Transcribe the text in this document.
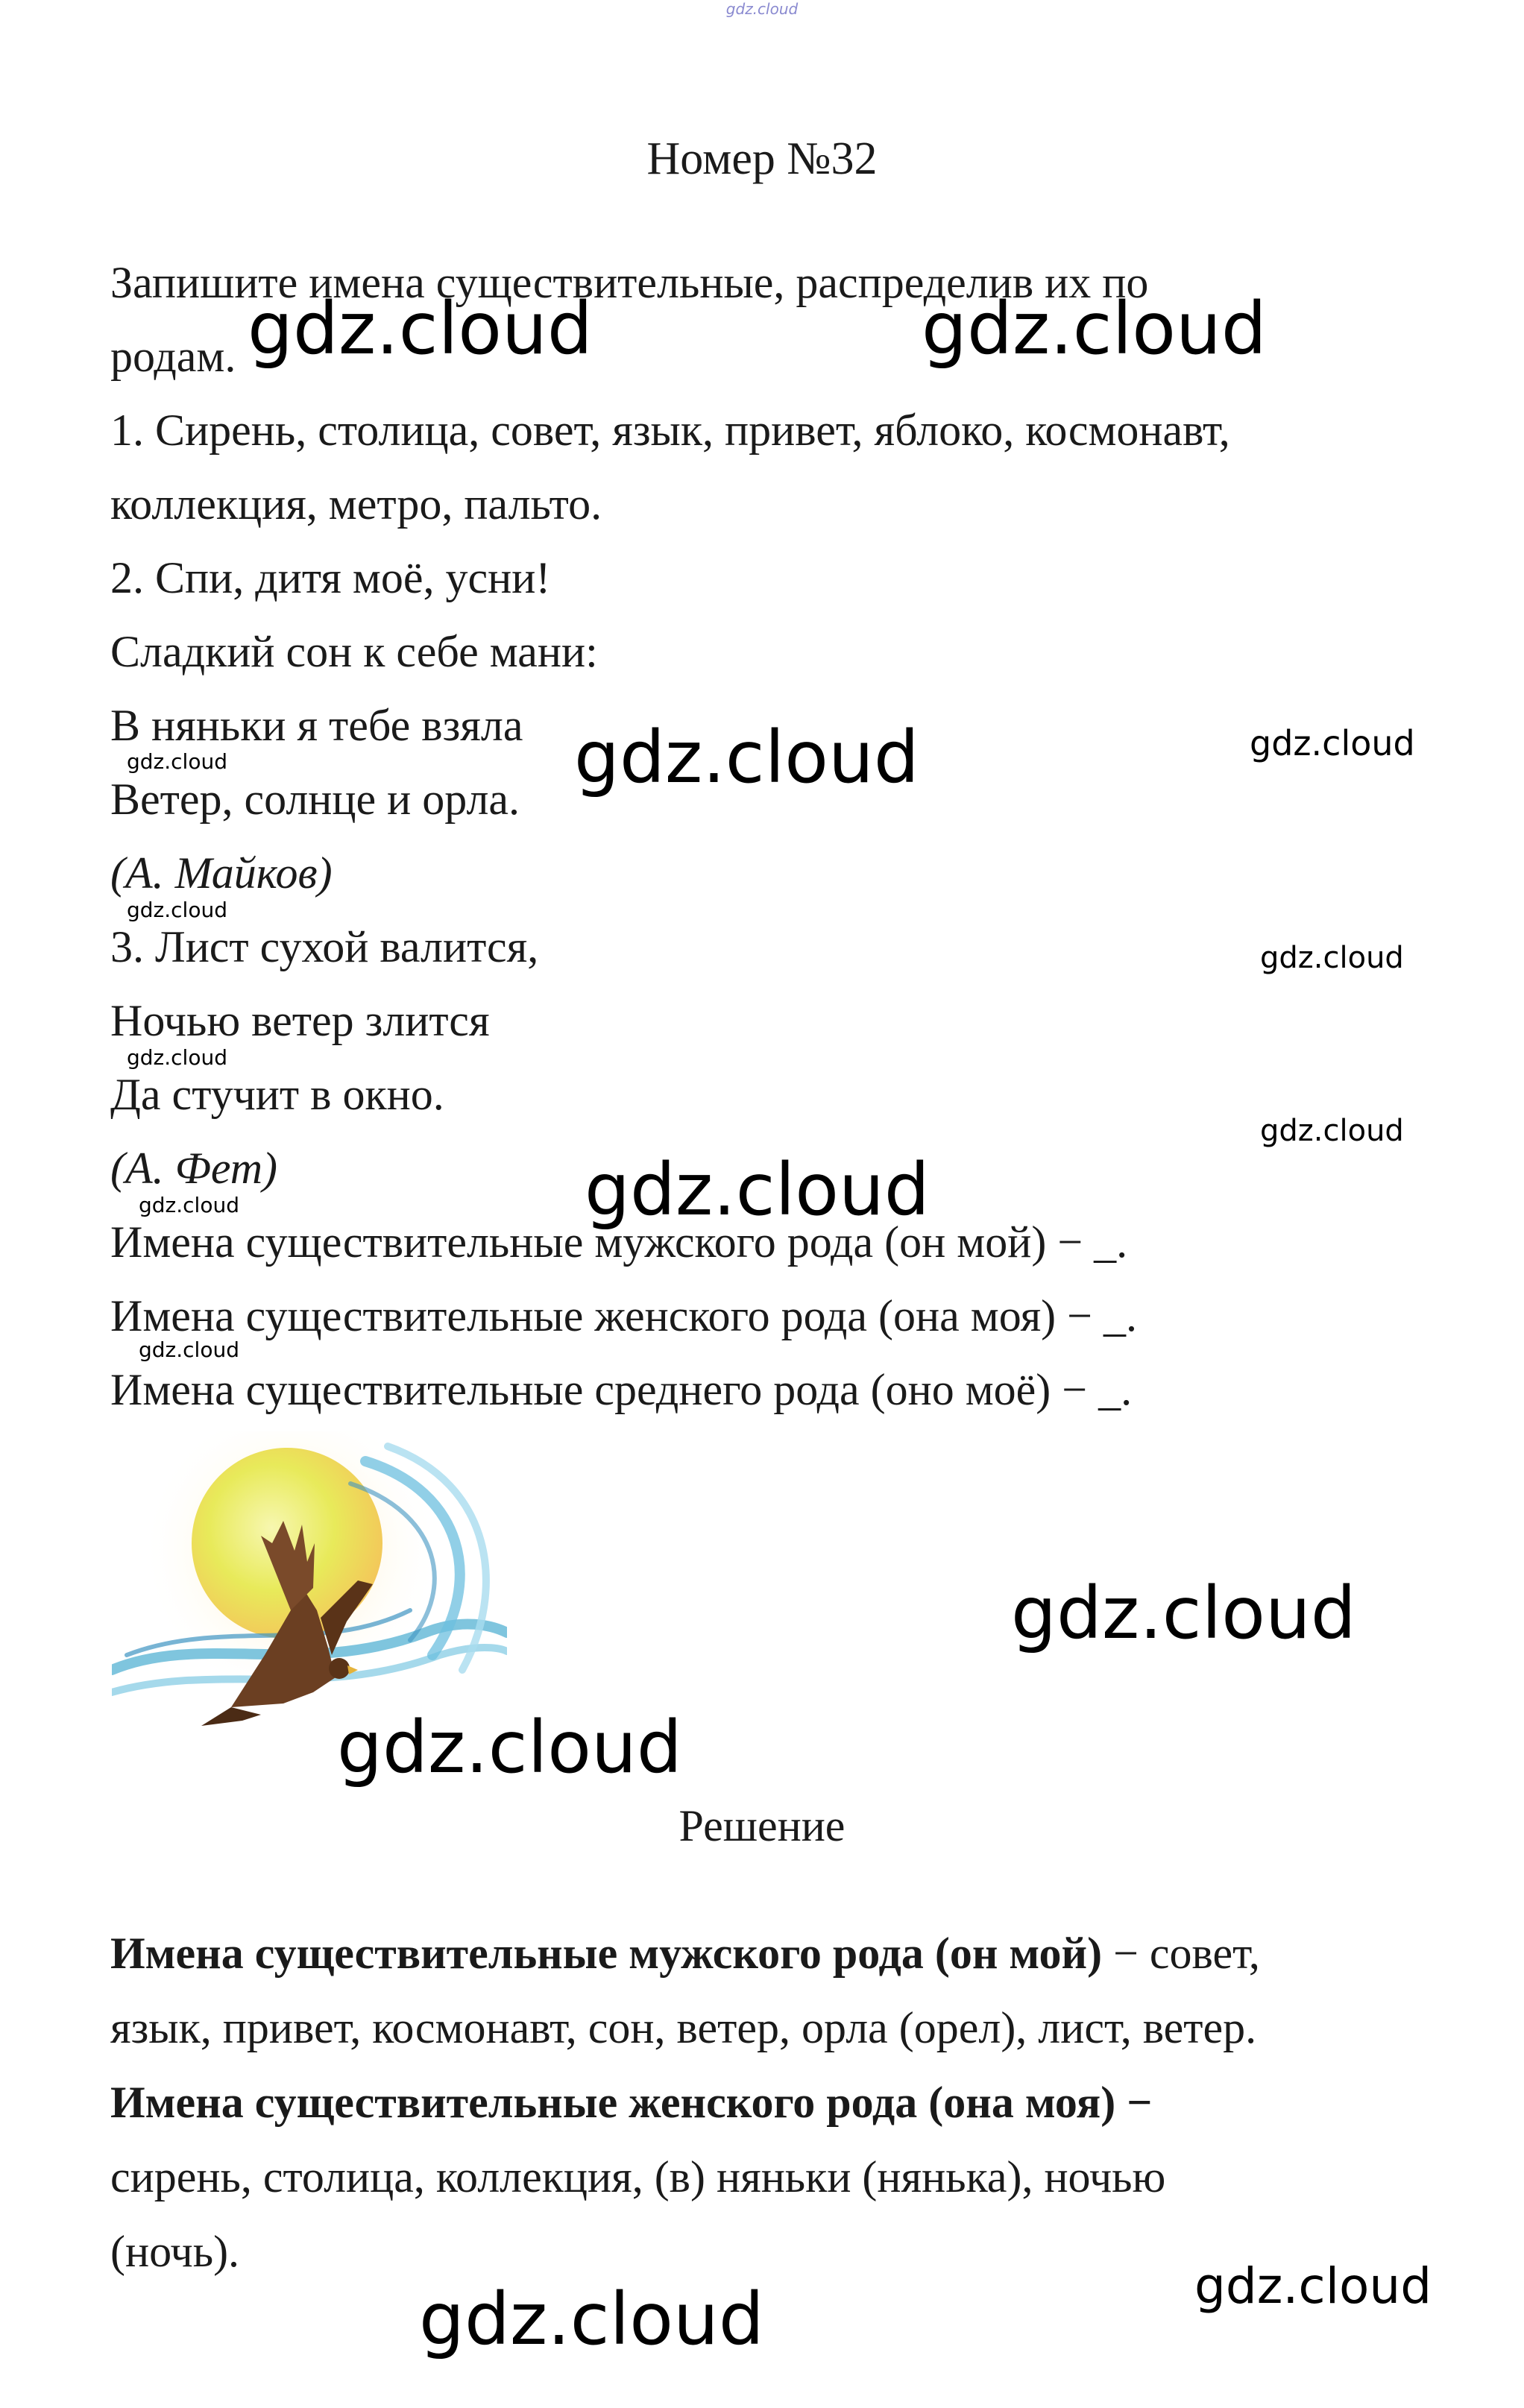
gdz.cloud
Номер №32
Запишите имена существительные, распределив их по
родам.
1. Сирень, столица, совет, язык, привет, яблоко, космонавт,
коллекция, метро, пальто.
2. Спи, дитя моё, усни!
Сладкий сон к себе мани:
В няньки я тебе взяла
Ветер, солнце и орла.
(А. Майков)
3. Лист сухой валится,
Ночью ветер злится
Да стучит в окно.
(А. Фет)
Имена существительные мужского рода (он мой) − _.
Имена существительные женского рода (она моя) − _.
Имена существительные среднего рода (оно моё) − _.
Решение
Имена существительные мужского рода (он мой) − совет,
язык, привет, космонавт, сон, ветер, орла (орел), лист, ветер.
Имена существительные женского рода (она моя) −
сирень, столица, коллекция, (в) няньки (нянька), ночью
(ночь).
gdz.cloud	gdz.cloud
gdz.cloud	gdz.cloud
gdz.cloud
gdz.cloud
gdz.cloud
gdz.cloud
gdz.cloud
gdz.cloud
gdz.cloud
gdz.cloud
gdz.cloud
gdz.cloud
gdz.cloud	gdz.cloud
